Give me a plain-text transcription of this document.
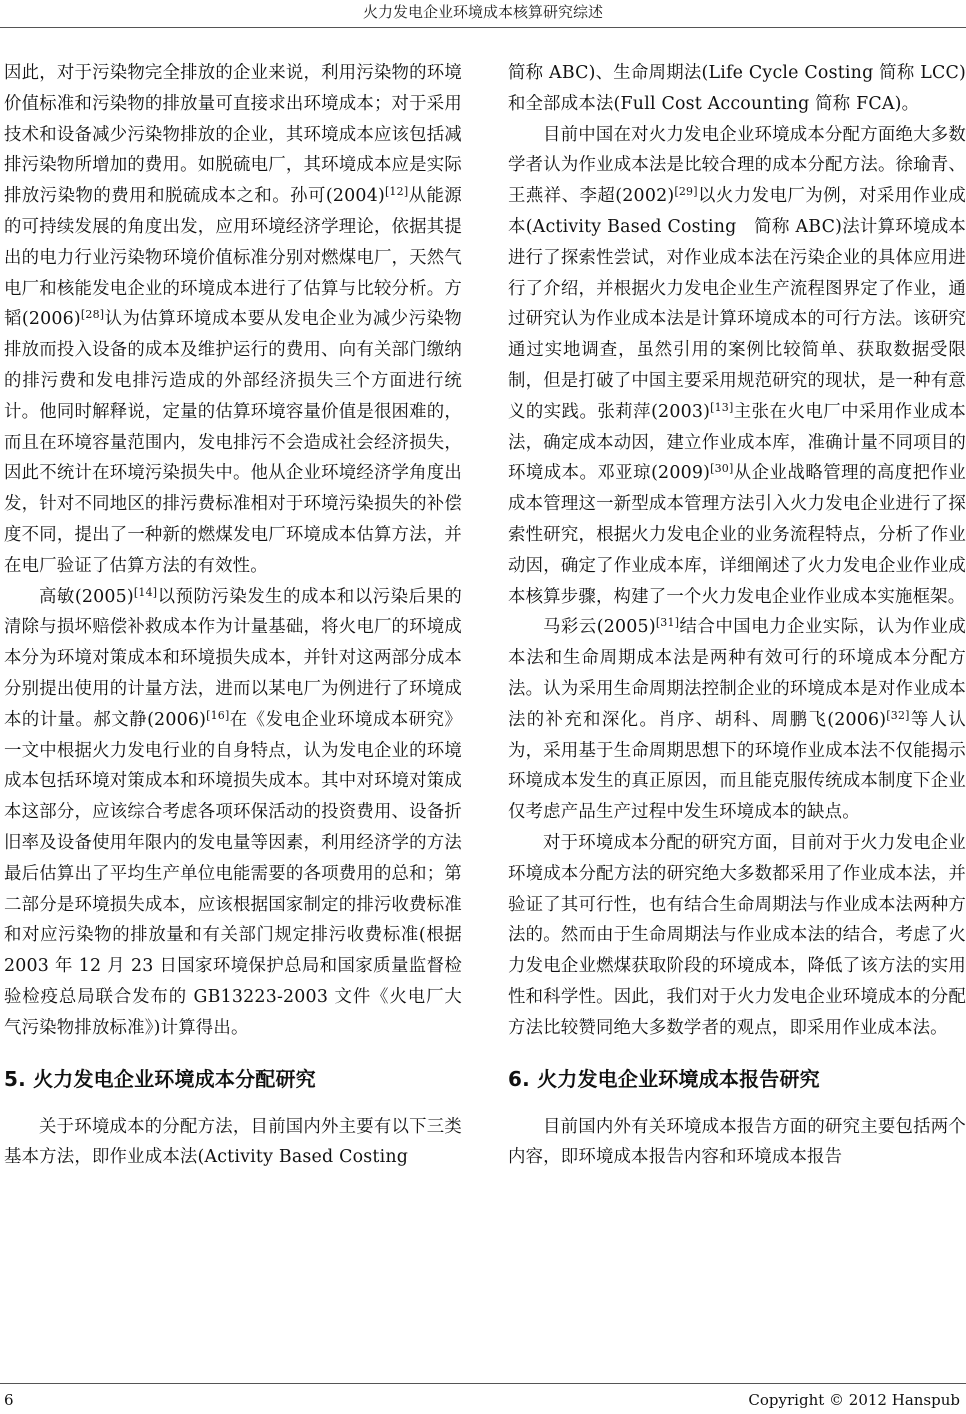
火力发电企业环境成本核算研究综述

因此，对于污染物完全排放的企业来说，利用污染物的环境价值标准和污染物的排放量可直接求出环境成本；对于采用技术和设备减少污染物排放的企业，其环境成本应该包括减排污染物所增加的费用。如脱硫电厂，其环境成本应是实际排放污染物的费用和脱硫成本之和。孙可(2004)[12]从能源的可持续发展的角度出发，应用环境经济学理论，依据其提出的电力行业污染物环境价值标准分别对燃煤电厂，天然气电厂和核能发电企业的环境成本进行了估算与比较分析。方韬(2006)[28]认为估算环境成本要从发电企业为减少污染物排放而投入设备的成本及维护运行的费用、向有关部门缴纳的排污费和发电排污造成的外部经济损失三个方面进行统计。他同时解释说，定量的估算环境容量价值是很困难的，而且在环境容量范围内，发电排污不会造成社会经济损失，因此不统计在环境污染损失中。他从企业环境经济学角度出发，针对不同地区的排污费标准相对于环境污染损失的补偿度不同，提出了一种新的燃煤发电厂环境成本估算方法，并在电厂验证了估算方法的有效性。

高敏(2005)[14]以预防污染发生的成本和以污染后果的清除与损坏赔偿补救成本作为计量基础，将火电厂的环境成本分为环境对策成本和环境损失成本，并针对这两部分成本分别提出使用的计量方法，进而以某电厂为例进行了环境成本的计量。郝文静(2006)[16]在《发电企业环境成本研究》一文中根据火力发电行业的自身特点，认为发电企业的环境成本包括环境对策成本和环境损失成本。其中对环境对策成本这部分，应该综合考虑各项环保活动的投资费用、设备折旧率及设备使用年限内的发电量等因素，利用经济学的方法最后估算出了平均生产单位电能需要的各项费用的总和；第二部分是环境损失成本，应该根据国家制定的排污收费标准和对应污染物的排放量和有关部门规定排污收费标准(根据 2003 年 12 月 23 日国家环境保护总局和国家质量监督检验检疫总局联合发布的 GB13223-2003 文件《火电厂大气污染物排放标准》)计算得出。

5. 火力发电企业环境成本分配研究

关于环境成本的分配方法，目前国内外主要有以下三类基本方法，即作业成本法(Activity Based Costing

简称 ABC)、生命周期法(Life Cycle Costing 简称 LCC)和全部成本法(Full Cost Accounting 简称 FCA)。

目前中国在对火力发电企业环境成本分配方面绝大多数学者认为作业成本法是比较合理的成本分配方法。徐瑜青、王燕祥、李超(2002)[29]以火力发电厂为例，对采用作业成本(Activity Based Costing　简称 ABC)法计算环境成本进行了探索性尝试，对作业成本法在污染企业的具体应用进行了介绍，并根据火力发电企业生产流程图界定了作业，通过研究认为作业成本法是计算环境成本的可行方法。该研究通过实地调查，虽然引用的案例比较简单、获取数据受限制，但是打破了中国主要采用规范研究的现状，是一种有意义的实践。张莉萍(2003)[13]主张在火电厂中采用作业成本法，确定成本动因，建立作业成本库，准确计量不同项目的环境成本。邓亚琼(2009)[30]从企业战略管理的高度把作业成本管理这一新型成本管理方法引入火力发电企业进行了探索性研究，根据火力发电企业的业务流程特点，分析了作业动因，确定了作业成本库，详细阐述了火力发电企业作业成本核算步骤，构建了一个火力发电企业作业成本实施框架。

马彩云(2005)[31]结合中国电力企业实际，认为作业成本法和生命周期成本法是两种有效可行的环境成本分配方法。认为采用生命周期法控制企业的环境成本是对作业成本法的补充和深化。肖序、胡科、周鹏飞(2006)[32]等人认为，采用基于生命周期思想下的环境作业成本法不仅能揭示环境成本发生的真正原因，而且能克服传统成本制度下企业仅考虑产品生产过程中发生环境成本的缺点。

对于环境成本分配的研究方面，目前对于火力发电企业环境成本分配方法的研究绝大多数都采用了作业成本法，并验证了其可行性，也有结合生命周期法与作业成本法两种方法的。然而由于生命周期法与作业成本法的结合，考虑了火力发电企业燃煤获取阶段的环境成本，降低了该方法的实用性和科学性。因此，我们对于火力发电企业环境成本的分配方法比较赞同绝大多数学者的观点，即采用作业成本法。

6. 火力发电企业环境成本报告研究

目前国内外有关环境成本报告方面的研究主要包括两个内容，即环境成本报告内容和环境成本报告

6	Copyright © 2012 Hanspub
